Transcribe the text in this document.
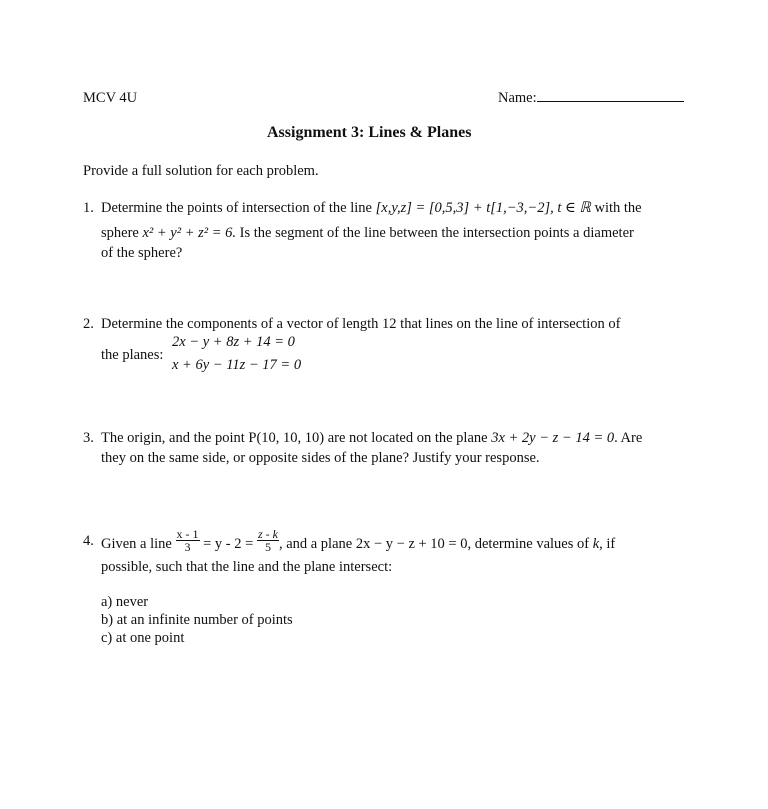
MCV 4U	Name:
Assignment 3: Lines & Planes
Provide a full solution for each problem.
1. Determine the points of intersection of the line [x,y,z] = [0,5,3] + t[1,−3,−2], t ∈ ℝ with the
sphere x² + y² + z² = 6. Is the segment of the line between the intersection points a diameter
of the sphere?
2. Determine the components of a vector of length 12 that lines on the line of intersection of
the planes:
2x − y + 8z + 14 = 0
x + 6y − 11z − 17 = 0
3. The origin, and the point P(10, 10, 10) are not located on the plane 3x + 2y − z − 14 = 0. Are
they on the same side, or opposite sides of the plane? Justify your response.
4. Given a line $\frac{x - 1}{3} = y - 2 = \frac{z - k}{5}$ , and a plane 2x − y − z + 10 = 0, determine values of k, if
possible, such that the line and the plane intersect:
a) never
b) at an infinite number of points
c) at one point
